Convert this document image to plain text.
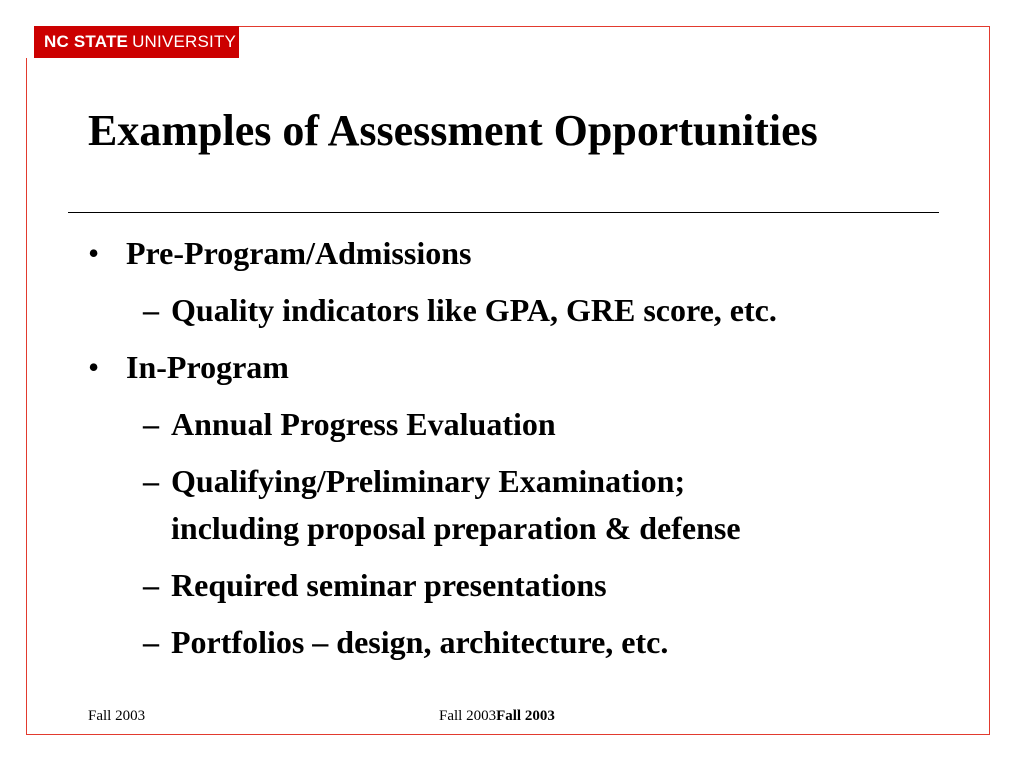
NC STATE UNIVERSITY
Examples of Assessment Opportunities
• Pre-Program/Admissions
– Quality indicators like GPA, GRE score, etc.
• In-Program
– Annual Progress Evaluation
– Qualifying/Preliminary Examination;
including proposal preparation & defense
– Required seminar presentations
– Portfolios – design, architecture, etc.
Fall 2003	Fall 2003Fall 2003
